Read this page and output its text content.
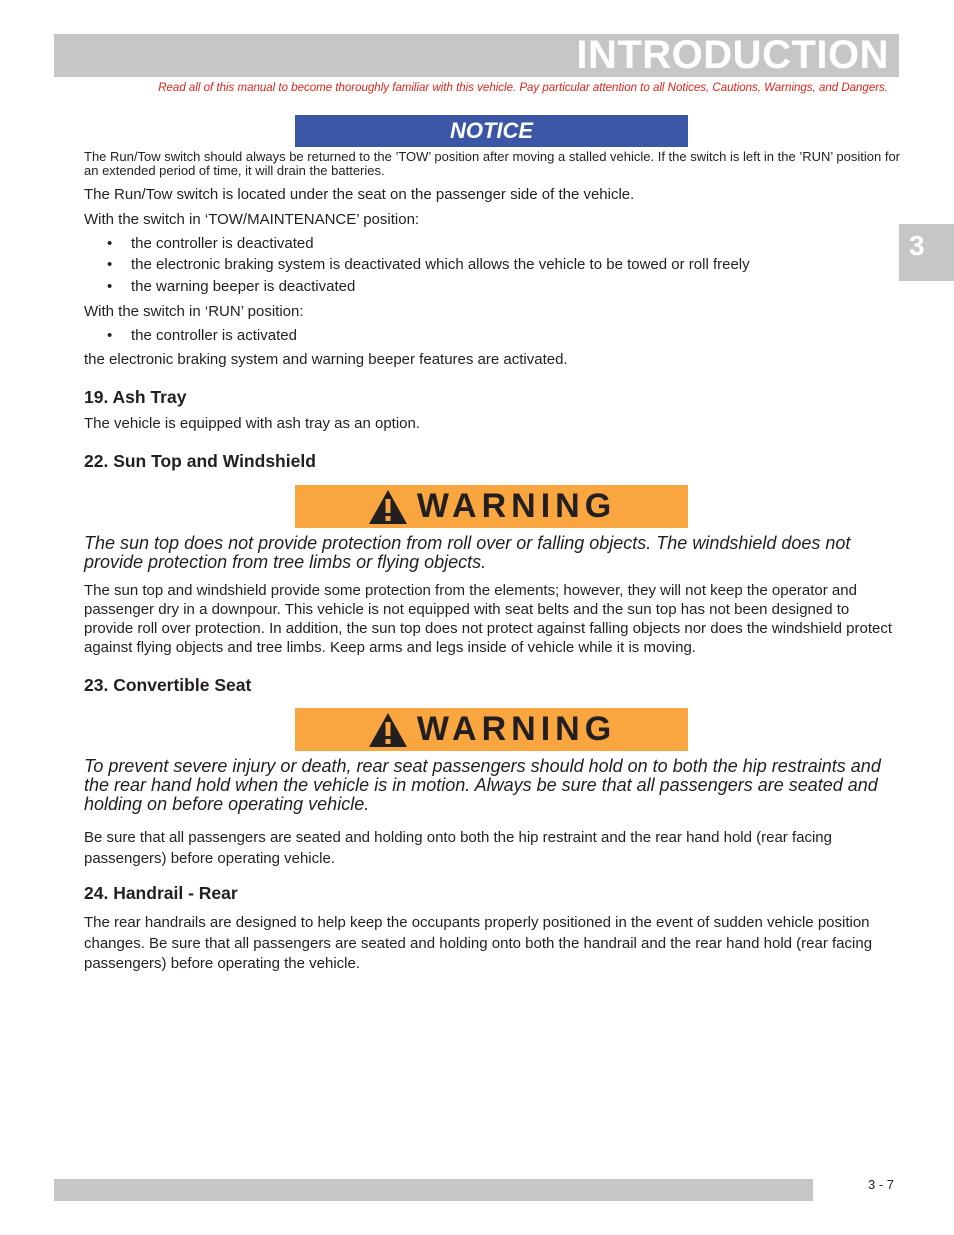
INTRODUCTION
Read all of this manual to become thoroughly familiar with this vehicle. Pay particular attention to all Notices, Cautions, Warnings, and Dangers.
3
NOTICE
The Run/Tow switch should always be returned to the ’TOW’ position after moving a stalled vehicle. If the switch is left in the ’RUN’ position for an extended period of time, it will drain the batteries.
The Run/Tow switch is located under the seat on the passenger side of the vehicle.
With the switch in ‘TOW/MAINTENANCE’ position:
• the controller is deactivated
• the electronic braking system is deactivated which allows the vehicle to be towed or roll freely
• the warning beeper is deactivated
With the switch in ‘RUN’ position:
• the controller is activated
the electronic braking system and warning beeper features are activated.
19. Ash Tray
The vehicle is equipped with ash tray as an option.
22. Sun Top and Windshield
WARNING
The sun top does not provide protection from roll over or falling objects. The windshield does not provide protection from tree limbs or flying objects.
The sun top and windshield provide some protection from the elements; however, they will not keep the operator and passenger dry in a downpour. This vehicle is not equipped with seat belts and the sun top has not been designed to provide roll over protection. In addition, the sun top does not protect against falling objects nor does the windshield protect against flying objects and tree limbs. Keep arms and legs inside of vehicle while it is moving.
23. Convertible Seat
WARNING
To prevent severe injury or death, rear seat passengers should hold on to both the hip restraints and the rear hand hold when the vehicle is in motion. Always be sure that all passengers are seated and holding on before operating vehicle.
Be sure that all passengers are seated and holding onto both the hip restraint and the rear hand hold (rear facing passengers) before operating vehicle.
24. Handrail - Rear
The rear handrails are designed to help keep the occupants properly positioned in the event of sudden vehicle position changes. Be sure that all passengers are seated and holding onto both the handrail and the rear hand hold (rear facing passengers) before operating the vehicle.
3 - 7
